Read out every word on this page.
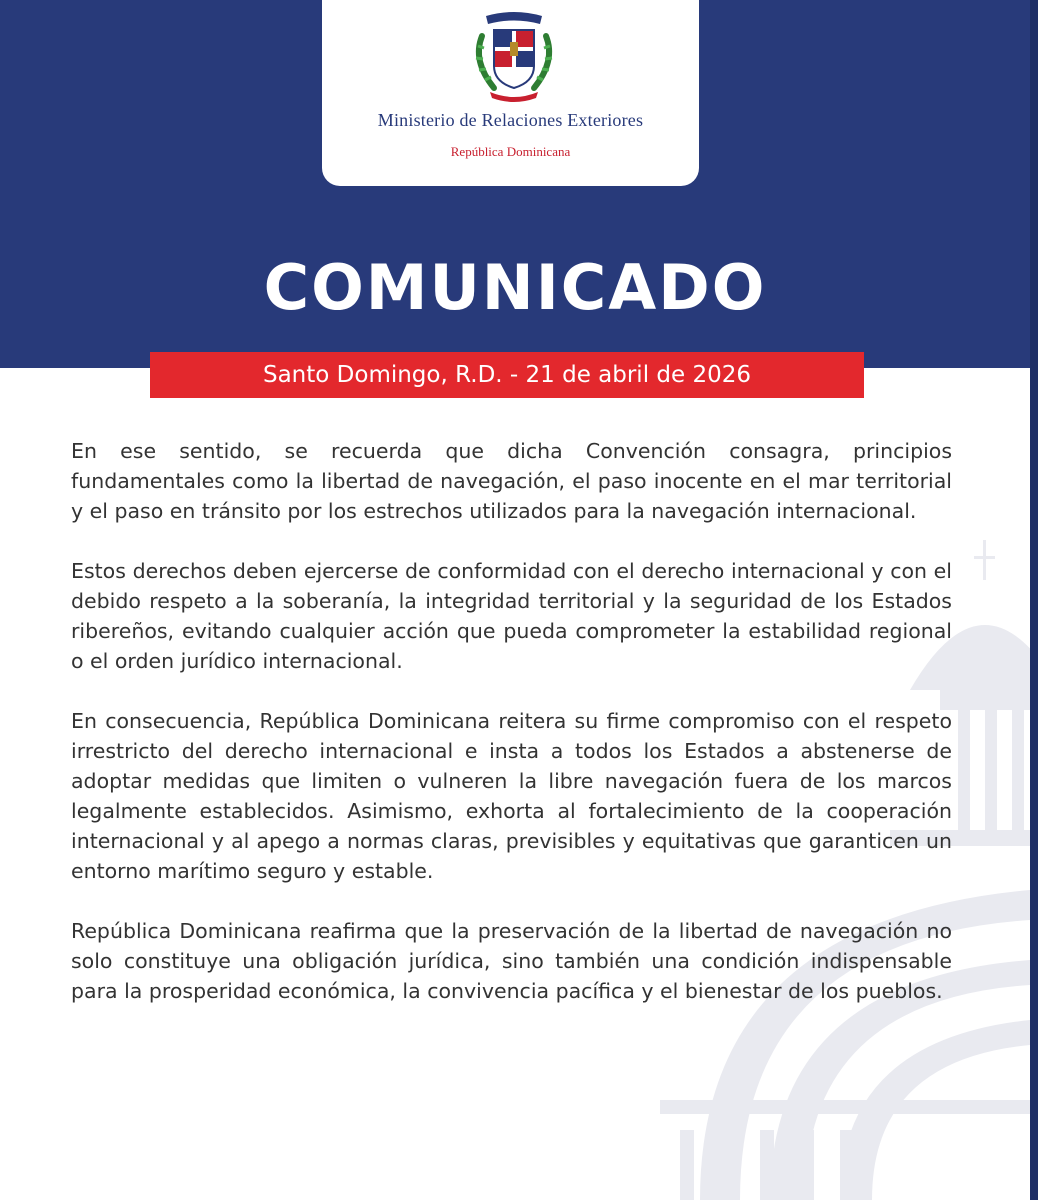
Ministerio de Relaciones Exteriores
República Dominicana
COMUNICADO
Santo Domingo, R.D. - 21 de abril de 2026

En ese sentido, se recuerda que dicha Convención consagra, principios fundamentales como la libertad de navegación, el paso inocente en el mar territorial y el paso en tránsito por los estrechos utilizados para la navegación internacional.

Estos derechos deben ejercerse de conformidad con el derecho internacional y con el debido respeto a la soberanía, la integridad territorial y la seguridad de los Estados ribereños, evitando cualquier acción que pueda comprometer la estabilidad regional o el orden jurídico internacional.

En consecuencia, República Dominicana reitera su firme compromiso con el respeto irrestricto del derecho internacional e insta a todos los Estados a abstenerse de adoptar medidas que limiten o vulneren la libre navegación fuera de los marcos legalmente establecidos. Asimismo, exhorta al fortalecimiento de la cooperación internacional y al apego a normas claras, previsibles y equitativas que garanticen un entorno marítimo seguro y estable.

República Dominicana reafirma que la preservación de la libertad de navegación no solo constituye una obligación jurídica, sino también una condición indispensable para la prosperidad económica, la convivencia pacífica y el bienestar de los pueblos.
